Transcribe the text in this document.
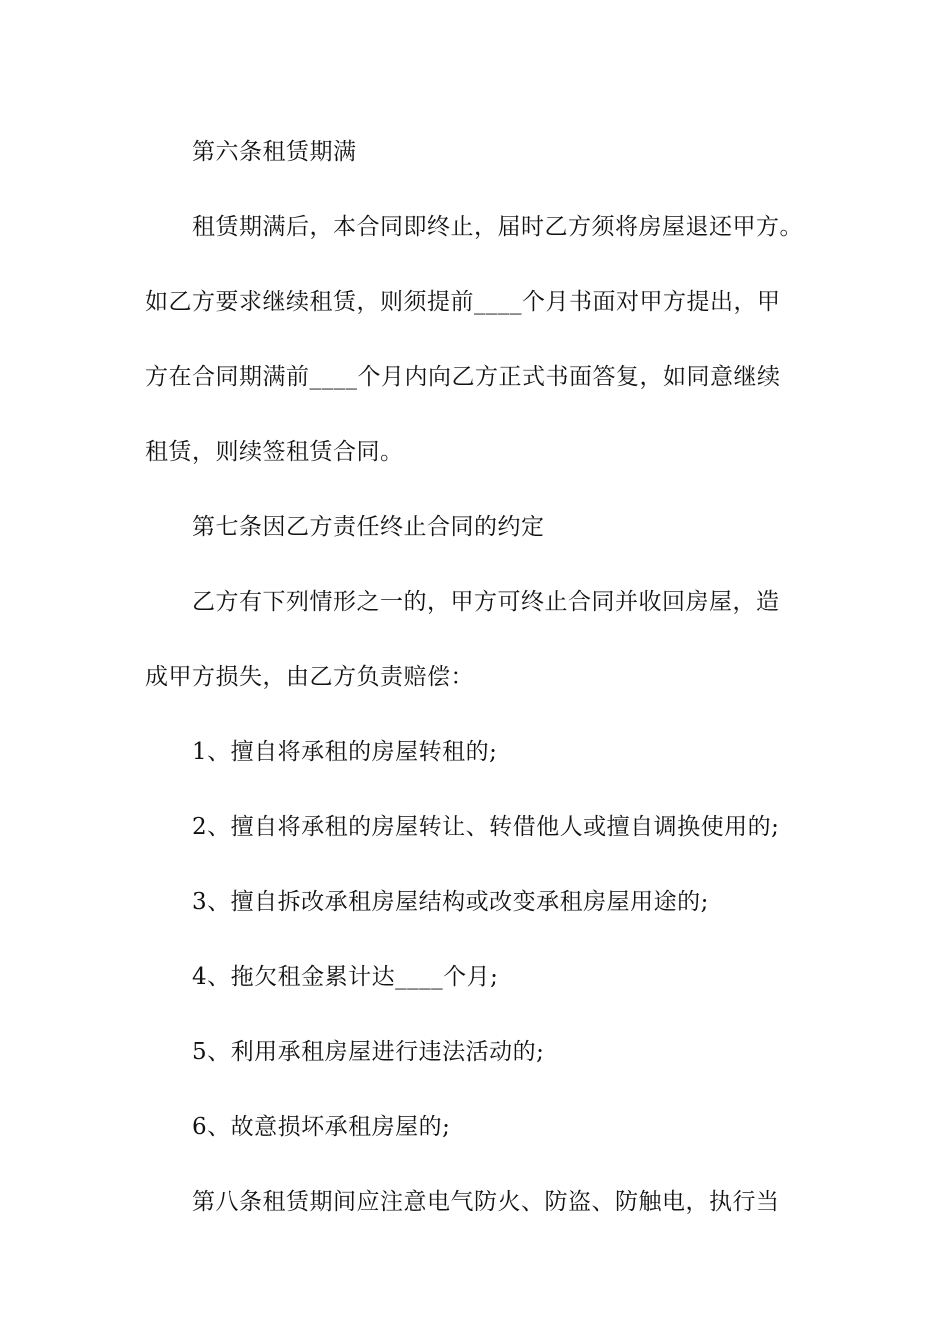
第六条租赁期满
租赁期满后，本合同即终止，届时乙方须将房屋退还甲方。
如乙方要求继续租赁，则须提前____个月书面对甲方提出，甲
方在合同期满前____个月内向乙方正式书面答复，如同意继续
租赁，则续签租赁合同。
第七条因乙方责任终止合同的约定
乙方有下列情形之一的，甲方可终止合同并收回房屋，造
成甲方损失，由乙方负责赔偿：
1、擅自将承租的房屋转租的;
2、擅自将承租的房屋转让、转借他人或擅自调换使用的;
3、擅自拆改承租房屋结构或改变承租房屋用途的;
4、拖欠租金累计达____个月;
5、利用承租房屋进行违法活动的;
6、故意损坏承租房屋的;
第八条租赁期间应注意电气防火、防盗、防触电，执行当
